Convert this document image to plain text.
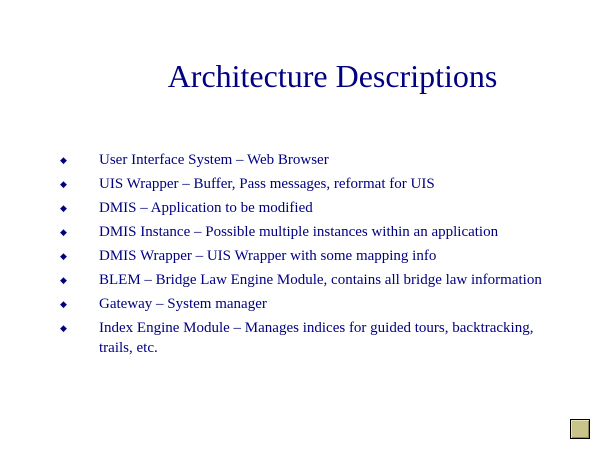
Architecture Descriptions
◆ User Interface System – Web Browser
◆ UIS Wrapper – Buffer, Pass messages, reformat for UIS
◆ DMIS – Application to be modified
◆ DMIS Instance – Possible multiple instances within an application
◆ DMIS Wrapper – UIS Wrapper with some mapping info
◆ BLEM – Bridge Law Engine Module, contains all bridge law information
◆ Gateway – System manager
◆ Index Engine Module – Manages indices for guided tours, backtracking, trails, etc.
